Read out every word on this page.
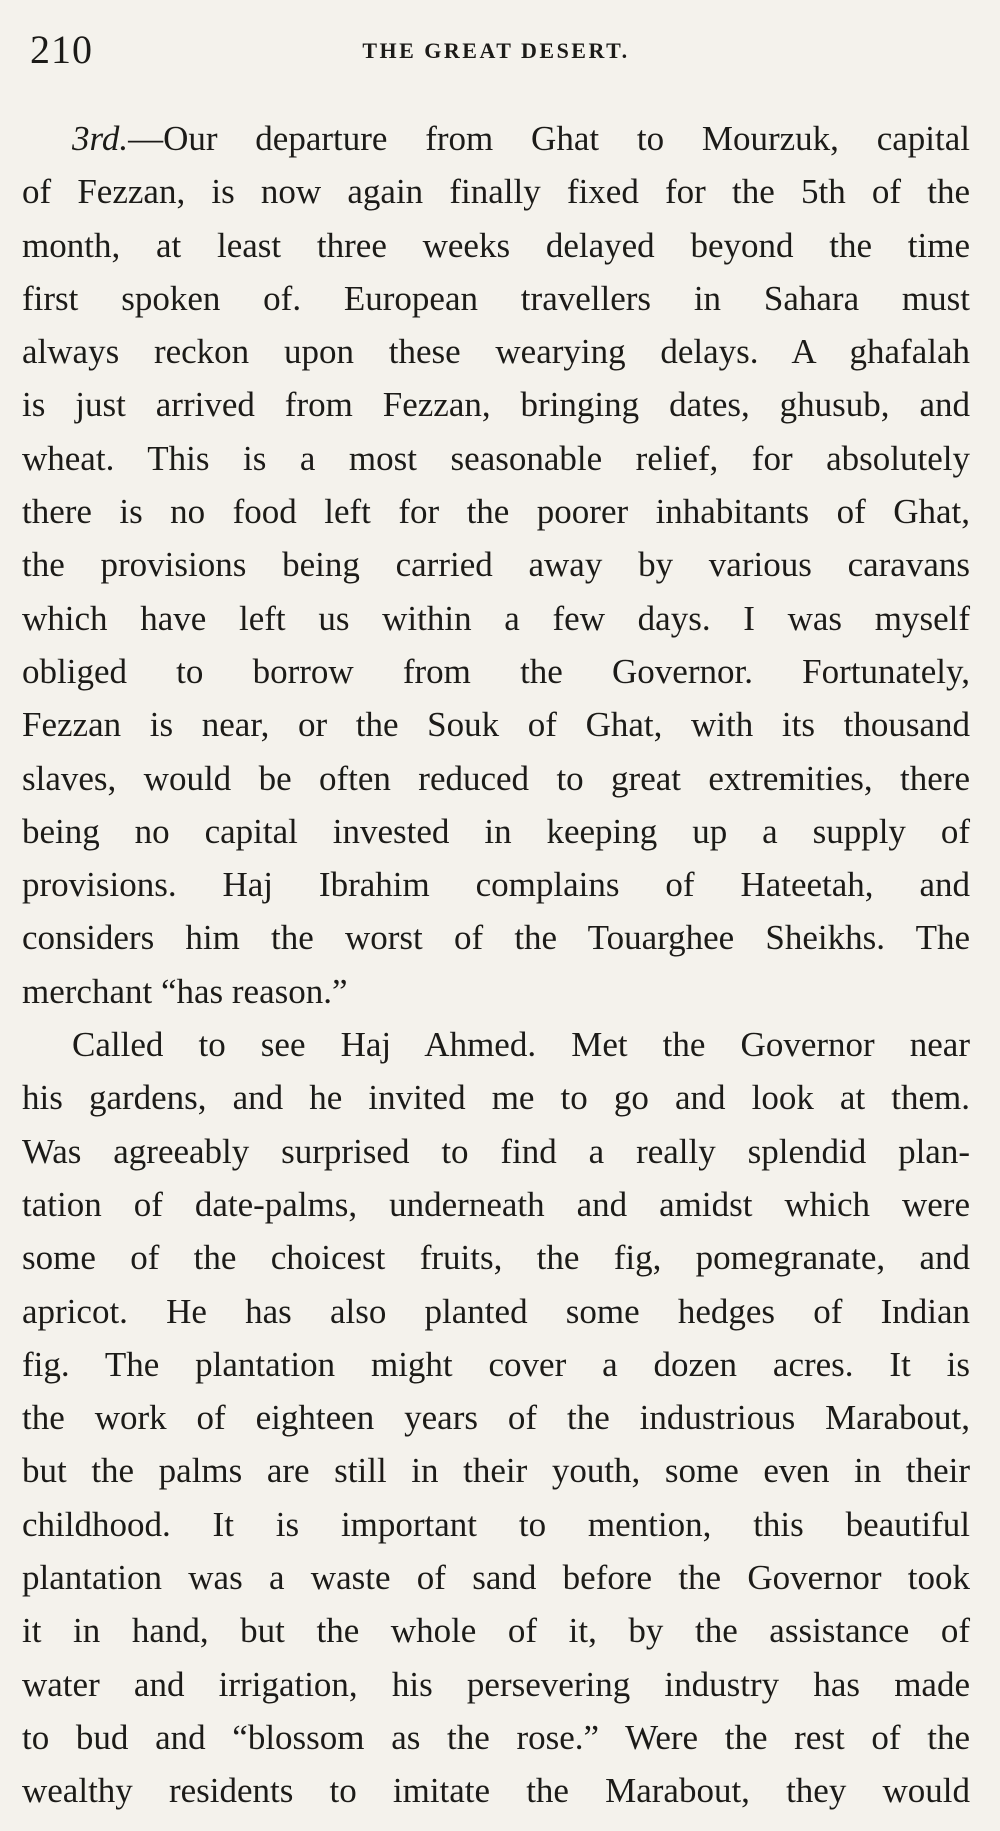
210	THE GREAT DESERT.
3rd.—Our departure from Ghat to Mourzuk, capital
of Fezzan, is now again finally fixed for the 5th of the
month, at least three weeks delayed beyond the time
first spoken of. European travellers in Sahara must
always reckon upon these wearying delays. A ghafalah
is just arrived from Fezzan, bringing dates, ghusub, and
wheat. This is a most seasonable relief, for absolutely
there is no food left for the poorer inhabitants of Ghat,
the provisions being carried away by various caravans
which have left us within a few days. I was myself
obliged to borrow from the Governor. Fortunately,
Fezzan is near, or the Souk of Ghat, with its thousand
slaves, would be often reduced to great extremities, there
being no capital invested in keeping up a supply of
provisions. Haj Ibrahim complains of Hateetah, and
considers him the worst of the Touarghee Sheikhs. The
merchant “has reason.”
Called to see Haj Ahmed. Met the Governor near
his gardens, and he invited me to go and look at them.
Was agreeably surprised to find a really splendid plan-
tation of date-palms, underneath and amidst which were
some of the choicest fruits, the fig, pomegranate, and
apricot. He has also planted some hedges of Indian
fig. The plantation might cover a dozen acres. It is
the work of eighteen years of the industrious Marabout,
but the palms are still in their youth, some even in their
childhood. It is important to mention, this beautiful
plantation was a waste of sand before the Governor took
it in hand, but the whole of it, by the assistance of
water and irrigation, his persevering industry has made
to bud and “blossom as the rose.” Were the rest of the
wealthy residents to imitate the Marabout, they would
